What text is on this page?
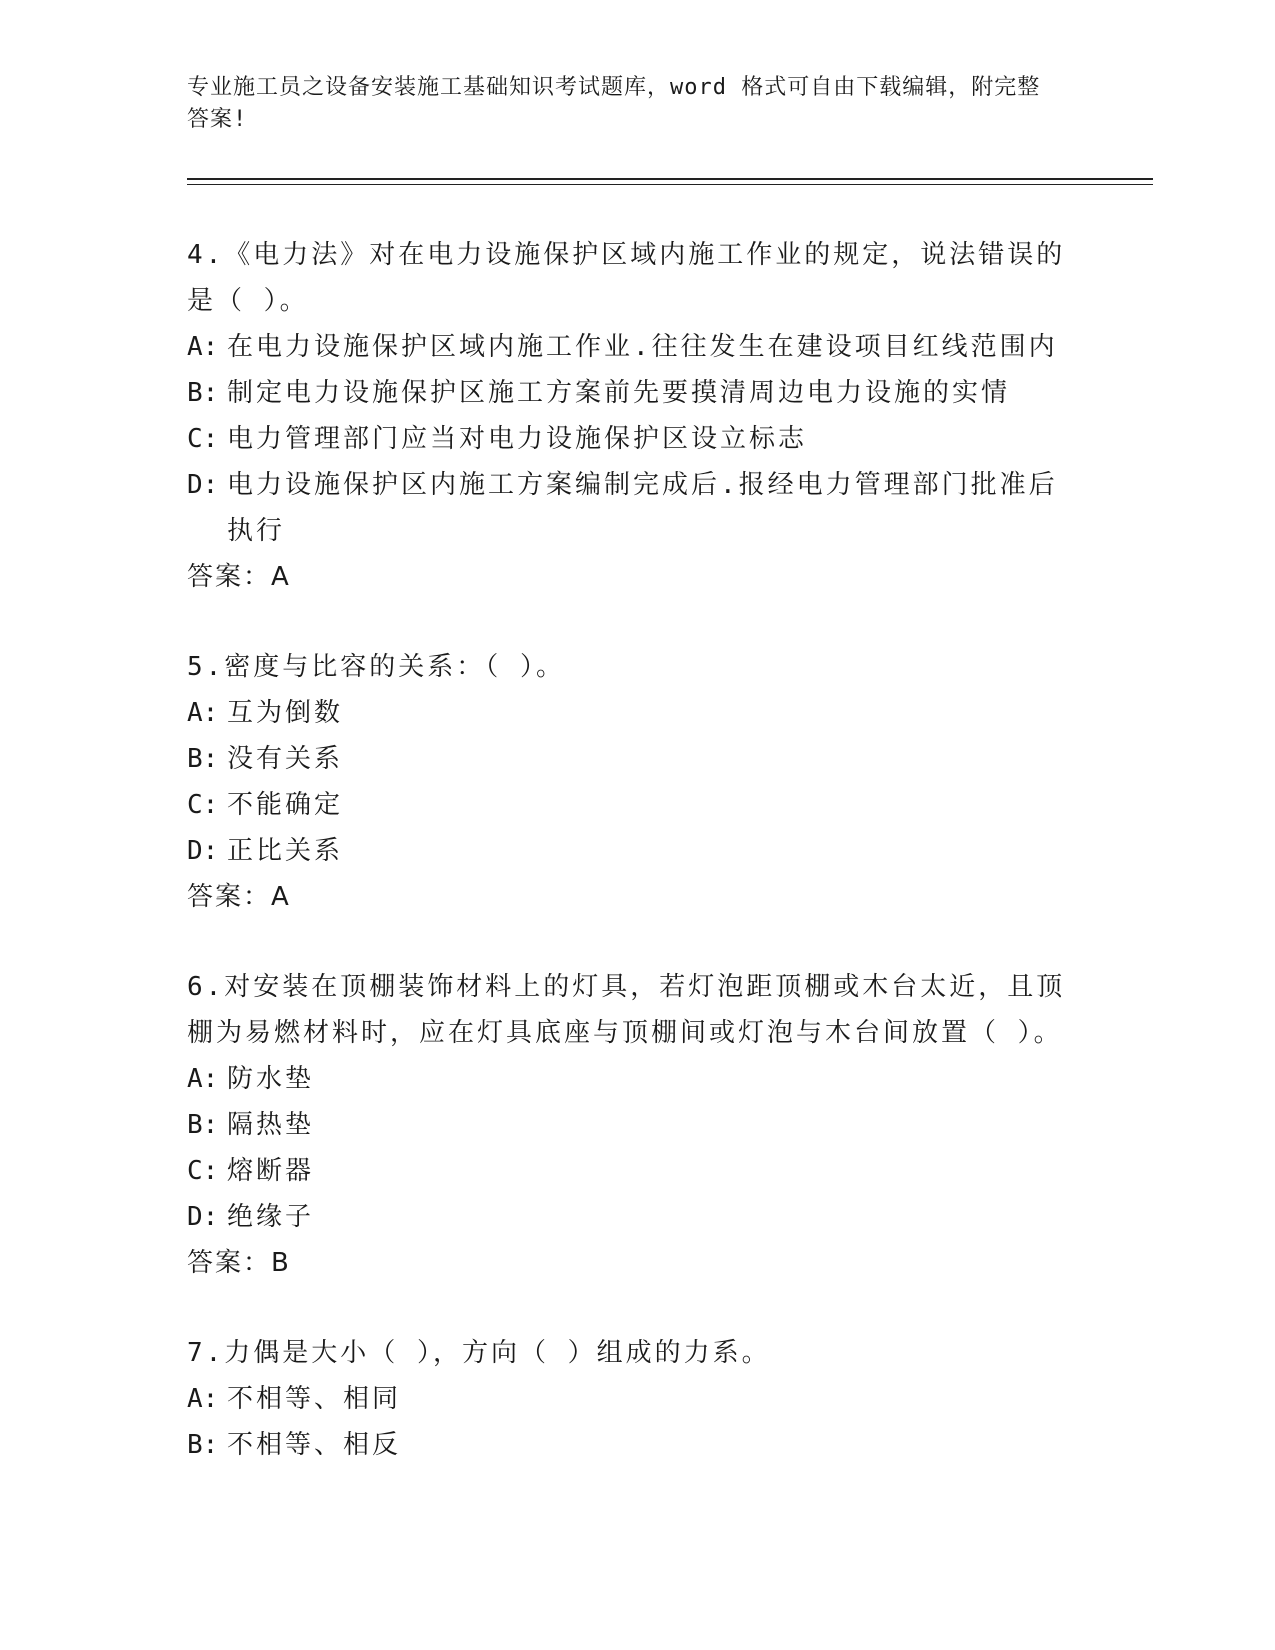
专业施工员之设备安装施工基础知识考试题库，word 格式可自由下载编辑，附完整答案!

4.《电力法》对在电力设施保护区域内施工作业的规定，说法错误的是（ ）。

A: 在电力设施保护区域内施工作业.往往发生在建设项目红线范围内
B: 制定电力设施保护区施工方案前先要摸清周边电力设施的实情
C: 电力管理部门应当对电力设施保护区设立标志
D: 电力设施保护区内施工方案编制完成后.报经电力管理部门批准后执行

答案：A

5.密度与比容的关系：（ ）。

A: 互为倒数
B: 没有关系
C: 不能确定
D: 正比关系

答案：A

6.对安装在顶棚装饰材料上的灯具，若灯泡距顶棚或木台太近，且顶棚为易燃材料时，应在灯具底座与顶棚间或灯泡与木台间放置（ ）。

A: 防水垫
B: 隔热垫
C: 熔断器
D: 绝缘子

答案：B

7.力偶是大小（ ），方向（ ）组成的力系。

A: 不相等、相同
B: 不相等、相反
